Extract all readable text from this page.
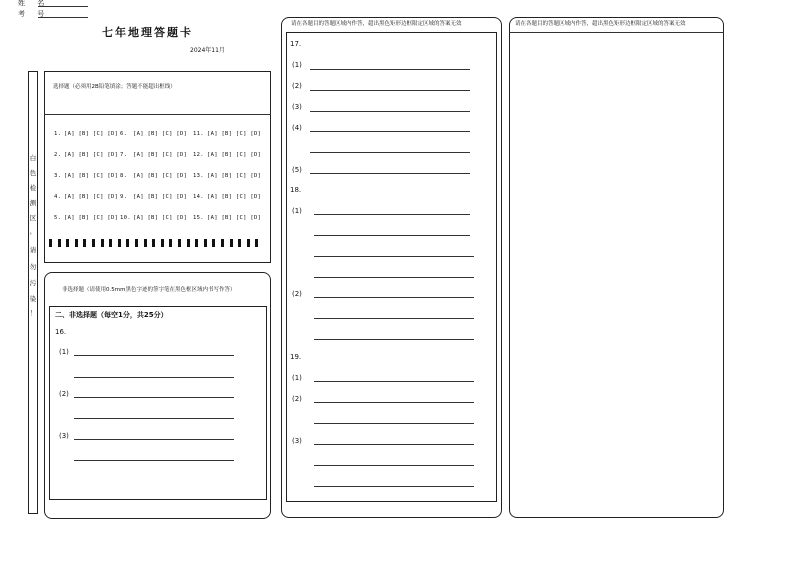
姓 名
考 号
七年地理答题卡
2024年11月
白
色
检
测
区
，
请
勿
污
染
！
选择题（必须用2B铅笔填涂；答题不能超出框线）
1. [A] [B] [C] [D] 6. [A] [B] [C] [D] 11. [A] [B] [C] [D]
2. [A] [B] [C] [D] 7. [A] [B] [C] [D] 12. [A] [B] [C] [D]
3. [A] [B] [C] [D] 8. [A] [B] [C] [D] 13. [A] [B] [C] [D]
4. [A] [B] [C] [D] 9. [A] [B] [C] [D] 14. [A] [B] [C] [D]
5. [A] [B] [C] [D] 10. [A] [B] [C] [D] 15. [A] [B] [C] [D]
非选择题（请使用0.5mm黑色字迹的签字笔在黑色框区域内书写作答）
二、非选择题（每空1分，共25分）
16.
(1)
(2)
(3)
请在各题目的答题区域内作答，超出黑色矩形边框限定区域的答案无效
17.
(1)
(2)
(3)
(4)
(5)
18.
(1)
(2)
19.
(1)
(2)
(3)
请在各题目的答题区域内作答，超出黑色矩形边框限定区域的答案无效
